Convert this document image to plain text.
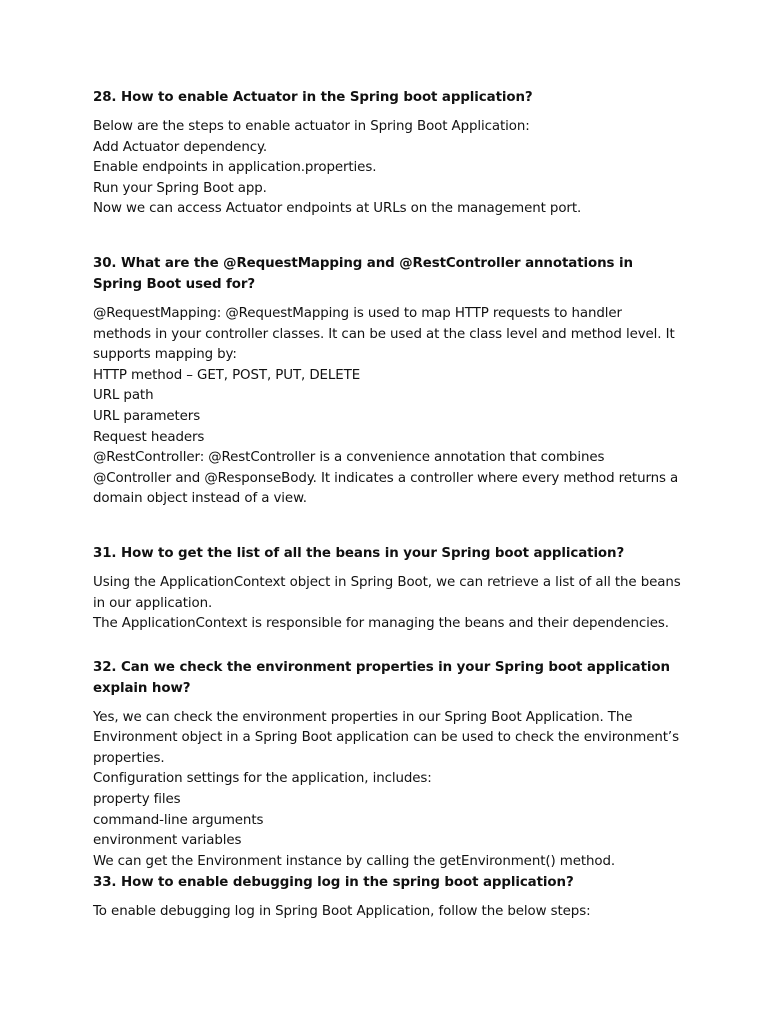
28. How to enable Actuator in the Spring boot application?

Below are the steps to enable actuator in Spring Boot Application:

Add Actuator dependency.

Enable endpoints in application.properties.

Run your Spring Boot app.

Now we can access Actuator endpoints at URLs on the management port.

30. What are the @RequestMapping and @RestController annotations in Spring Boot used for?

@RequestMapping: @RequestMapping is used to map HTTP requests to handler methods in your controller classes. It can be used at the class level and method level. It supports mapping by:

HTTP method – GET, POST, PUT, DELETE

URL path

URL parameters

Request headers

@RestController: @RestController is a convenience annotation that combines @Controller and @ResponseBody. It indicates a controller where every method returns a domain object instead of a view.

31. How to get the list of all the beans in your Spring boot application?

Using the ApplicationContext object in Spring Boot, we can retrieve a list of all the beans in our application.

The ApplicationContext is responsible for managing the beans and their dependencies.

32. Can we check the environment properties in your Spring boot application explain how?

Yes, we can check the environment properties in our Spring Boot Application. The Environment object in a Spring Boot application can be used to check the environment’s properties.

Configuration settings for the application, includes:

property files

command-line arguments

environment variables

We can get the Environment instance by calling the getEnvironment() method.

33. How to enable debugging log in the spring boot application?

To enable debugging log in Spring Boot Application, follow the below steps:
